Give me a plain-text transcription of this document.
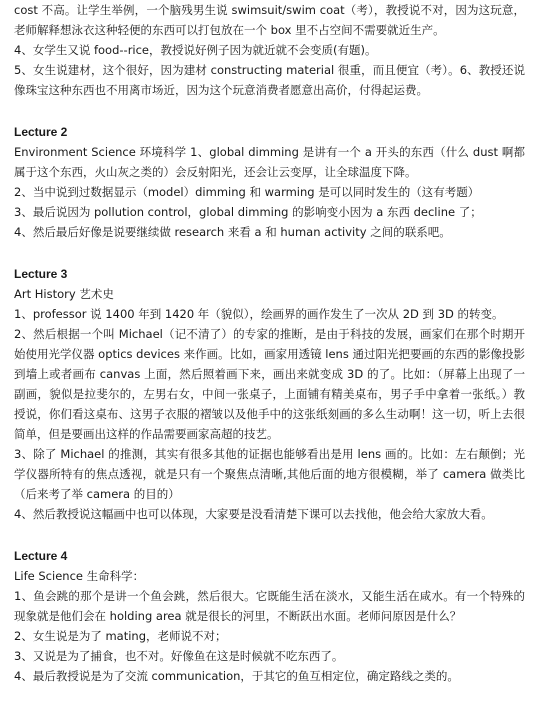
cost 不高。让学生举例，一个脑残男生说 swimsuit/swim coat（考），教授说不对，因为这玩意，老师解释想泳衣这种轻便的东西可以打包放在一个 box 里不占空间不需要就近生产。

4、女学生又说 food--rice，教授说好例子因为就近就不会变质(有题)。

5、女生说建材，这个很好，因为建材 constructing material 很重，而且便宜（考）。6、教授还说像珠宝这种东西也不用离市场近，因为这个玩意消费者愿意出高价，付得起运费。

Lecture 2

Environment Science 环境科学 1、global dimming 是讲有一个 a 开头的东西（什么 dust 啊都属于这个东西，火山灰之类的）会反射阳光，还会让云变厚，让全球温度下降。

2、当中说到过数据显示（model）dimming 和 warming 是可以同时发生的（这有考题）

3、最后说因为 pollution control，global dimming 的影响变小因为 a 东西 decline 了；

4、然后最后好像是说要继续做 research 来看 a 和 human activity 之间的联系吧。

Lecture 3

Art History 艺术史

1、professor 说 1400 年到 1420 年（貌似），绘画界的画作发生了一次从 2D 到 3D 的转变。

2、然后根据一个叫 Michael（记不清了）的专家的推断，是由于科技的发展，画家们在那个时期开始使用光学仪器 optics devices 来作画。比如，画家用透镜 lens 通过阳光把要画的东西的影像投影到墙上或者画布 canvas 上面，然后照着画下来，画出来就变成 3D 的了。比如：（屏幕上出现了一副画，貌似是拉斐尔的，左男右女，中间一张桌子，上面铺有精美桌布，男子手中拿着一张纸。）教授说，你们看这桌布、这男子衣服的褶皱以及他手中的这张纸刻画的多么生动啊！这一切，听上去很简单，但是要画出这样的作品需要画家高超的技艺。

3、除了 Michael 的推测，其实有很多其他的证据也能够看出是用 lens 画的。比如：左右颠倒；光学仪器所特有的焦点透视，就是只有一个聚焦点清晰,其他后面的地方很模糊，举了 camera 做类比（后来考了举 camera 的目的）

4、然后教授说这幅画中也可以体现，大家要是没看清楚下课可以去找他，他会给大家放大看。

Lecture 4

Life Science 生命科学：

1、鱼会跳的那个是讲一个鱼会跳，然后很大。它既能生活在淡水，又能生活在咸水。有一个特殊的现象就是他们会在 holding area 就是很长的河里，不断跃出水面。老师问原因是什么？

2、女生说是为了 mating，老师说不对；

3、又说是为了捕食，也不对。好像鱼在这是时候就不吃东西了。

4、最后教授说是为了交流 communication，于其它的鱼互相定位，确定路线之类的。
